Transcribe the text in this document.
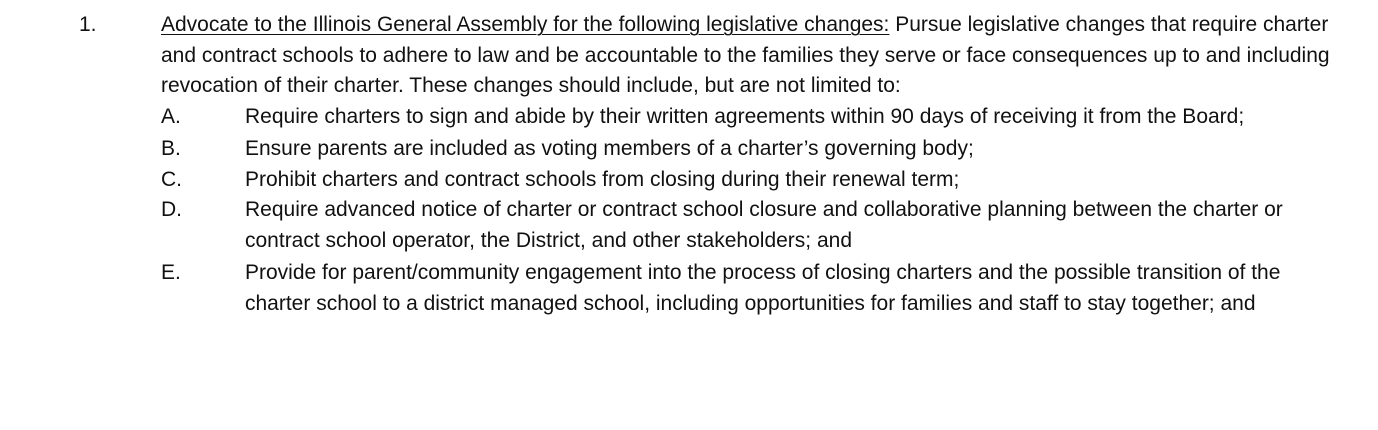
1.	Advocate to the Illinois General Assembly for the following legislative changes: Pursue legislative changes that require charter and contract schools to adhere to law and be accountable to the families they serve or face consequences up to and including revocation of their charter. These changes should include, but are not limited to:
A.	Require charters to sign and abide by their written agreements within 90 days of receiving it from the Board;
B.	Ensure parents are included as voting members of a charter’s governing body;
C.	Prohibit charters and contract schools from closing during their renewal term;
D.	Require advanced notice of charter or contract school closure and collaborative planning between the charter or contract school operator, the District, and other stakeholders; and
E.	Provide for parent/community engagement into the process of closing charters and the possible transition of the charter school to a district managed school, including opportunities for families and staff to stay together; and
